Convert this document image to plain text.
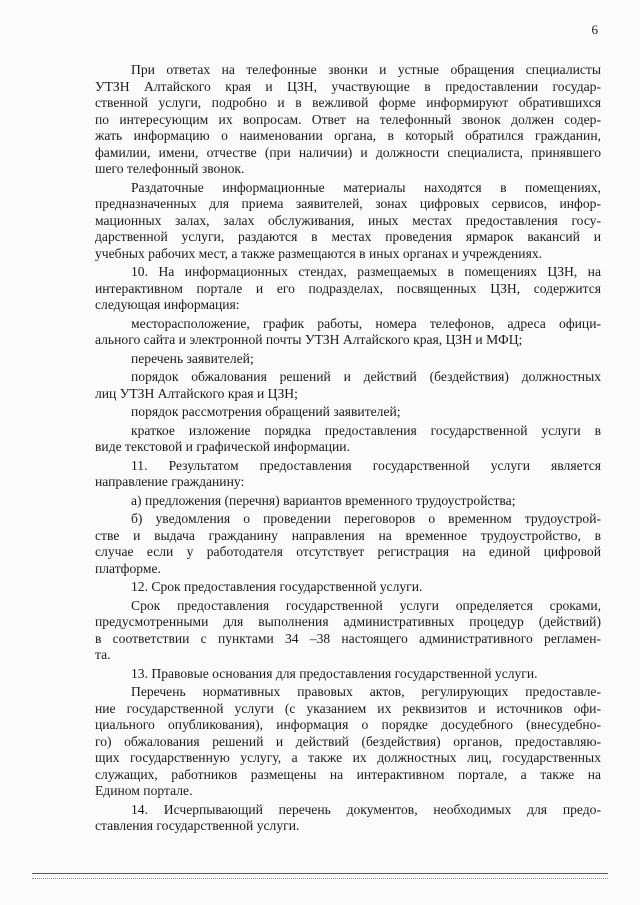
6
При ответах на телефонные звонки и устные обращения специалисты
УТЗН Алтайского края и ЦЗН, участвующие в предоставлении государ-
ственной услуги, подробно и в вежливой форме информируют обратившихся
по интересующим их вопросам. Ответ на телефонный звонок должен содер-
жать информацию о наименовании органа, в который обратился гражданин,
фамилии, имени, отчестве (при наличии) и должности специалиста, принявшего
шего телефонный звонок.
Раздаточные информационные материалы находятся в помещениях,
предназначенных для приема заявителей, зонах цифровых сервисов, инфор-
мационных залах, залах обслуживания, иных местах предоставления госу-
дарственной услуги, раздаются в местах проведения ярмарок вакансий и
учебных рабочих мест, а также размещаются в иных органах и учреждениях.
10. На информационных стендах, размещаемых в помещениях ЦЗН, на
интерактивном портале и его подразделах, посвященных ЦЗН, содержится
следующая информация:
месторасположение, график работы, номера телефонов, адреса офици-
ального сайта и электронной почты УТЗН Алтайского края, ЦЗН и МФЦ;
перечень заявителей;
порядок обжалования решений и действий (бездействия) должностных
лиц УТЗН Алтайского края и ЦЗН;
порядок рассмотрения обращений заявителей;
краткое изложение порядка предоставления государственной услуги в
виде текстовой и графической информации.
11. Результатом предоставления государственной услуги является
направление гражданину:
а) предложения (перечня) вариантов временного трудоустройства;
б) уведомления о проведении переговоров о временном трудоустрой-
стве и выдача гражданину направления на временное трудоустройство, в
случае если у работодателя отсутствует регистрация на единой цифровой
платформе.
12. Срок предоставления государственной услуги.
Срок предоставления государственной услуги определяется сроками,
предусмотренными для выполнения административных процедур (действий)
в соответствии с пунктами 34 –38 настоящего административного регламен-
та.
13. Правовые основания для предоставления государственной услуги.
Перечень нормативных правовых актов, регулирующих предоставле-
ние государственной услуги (с указанием их реквизитов и источников офи-
циального опубликования), информация о порядке досудебного (внесудебно-
го) обжалования решений и действий (бездействия) органов, предоставляю-
щих государственную услугу, а также их должностных лиц, государственных
служащих, работников размещены на интерактивном портале, а также на
Едином портале.
14. Исчерпывающий перечень документов, необходимых для предо-
ставления государственной услуги.
